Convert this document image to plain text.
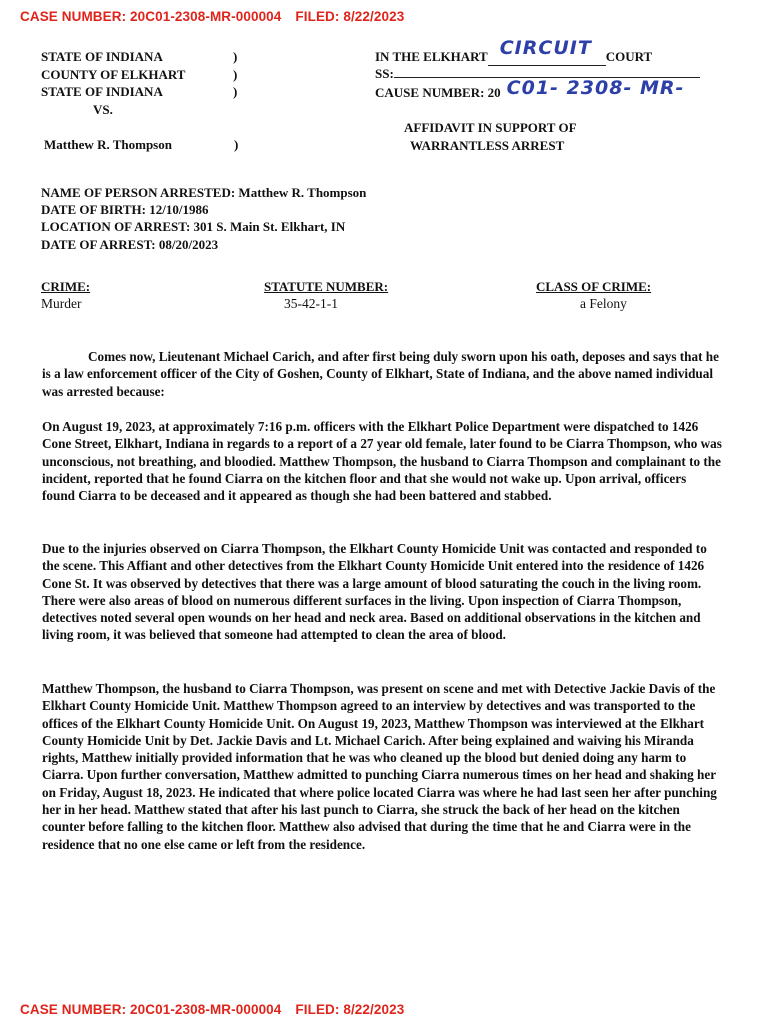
CASE NUMBER: 20C01-2308-MR-000004 FILED: 8/22/2023
STATE OF INDIANA	)
COUNTY OF ELKHART	)
STATE OF INDIANA	)
VS.
Matthew R. Thompson	)
IN THE ELKHART CIRCUIT COURT
SS:
CAUSE NUMBER: 20 C01- 2308- MR-
AFFIDAVIT IN SUPPORT OF
WARRANTLESS ARREST
NAME OF PERSON ARRESTED: Matthew R. Thompson
DATE OF BIRTH: 12/10/1986
LOCATION OF ARREST: 301 S. Main St. Elkhart, IN
DATE OF ARREST: 08/20/2023
CRIME:	STATUTE NUMBER:	CLASS OF CRIME:
Murder	35-42-1-1	a Felony
Comes now, Lieutenant Michael Carich, and after first being duly sworn upon his oath, deposes and says that he is a law enforcement officer of the City of Goshen, County of Elkhart, State of Indiana, and the above named individual was arrested because:
On August 19, 2023, at approximately 7:16 p.m. officers with the Elkhart Police Department were dispatched to 1426 Cone Street, Elkhart, Indiana in regards to a report of a 27 year old female, later found to be Ciarra Thompson, who was unconscious, not breathing, and bloodied. Matthew Thompson, the husband to Ciarra Thompson and complainant to the incident, reported that he found Ciarra on the kitchen floor and that she would not wake up. Upon arrival, officers found Ciarra to be deceased and it appeared as though she had been battered and stabbed.
Due to the injuries observed on Ciarra Thompson, the Elkhart County Homicide Unit was contacted and responded to the scene. This Affiant and other detectives from the Elkhart County Homicide Unit entered into the residence of 1426 Cone St. It was observed by detectives that there was a large amount of blood saturating the couch in the living room. There were also areas of blood on numerous different surfaces in the living. Upon inspection of Ciarra Thompson, detectives noted several open wounds on her head and neck area. Based on additional observations in the kitchen and living room, it was believed that someone had attempted to clean the area of blood.
Matthew Thompson, the husband to Ciarra Thompson, was present on scene and met with Detective Jackie Davis of the Elkhart County Homicide Unit. Matthew Thompson agreed to an interview by detectives and was transported to the offices of the Elkhart County Homicide Unit. On August 19, 2023, Matthew Thompson was interviewed at the Elkhart County Homicide Unit by Det. Jackie Davis and Lt. Michael Carich. After being explained and waiving his Miranda rights, Matthew initially provided information that he was who cleaned up the blood but denied doing any harm to Ciarra. Upon further conversation, Matthew admitted to punching Ciarra numerous times on her head and shaking her on Friday, August 18, 2023. He indicated that where police located Ciarra was where he had last seen her after punching her in her head. Matthew stated that after his last punch to Ciarra, she struck the back of her head on the kitchen counter before falling to the kitchen floor. Matthew also advised that during the time that he and Ciarra were in the residence that no one else came or left from the residence.
CASE NUMBER: 20C01-2308-MR-000004 FILED: 8/22/2023
